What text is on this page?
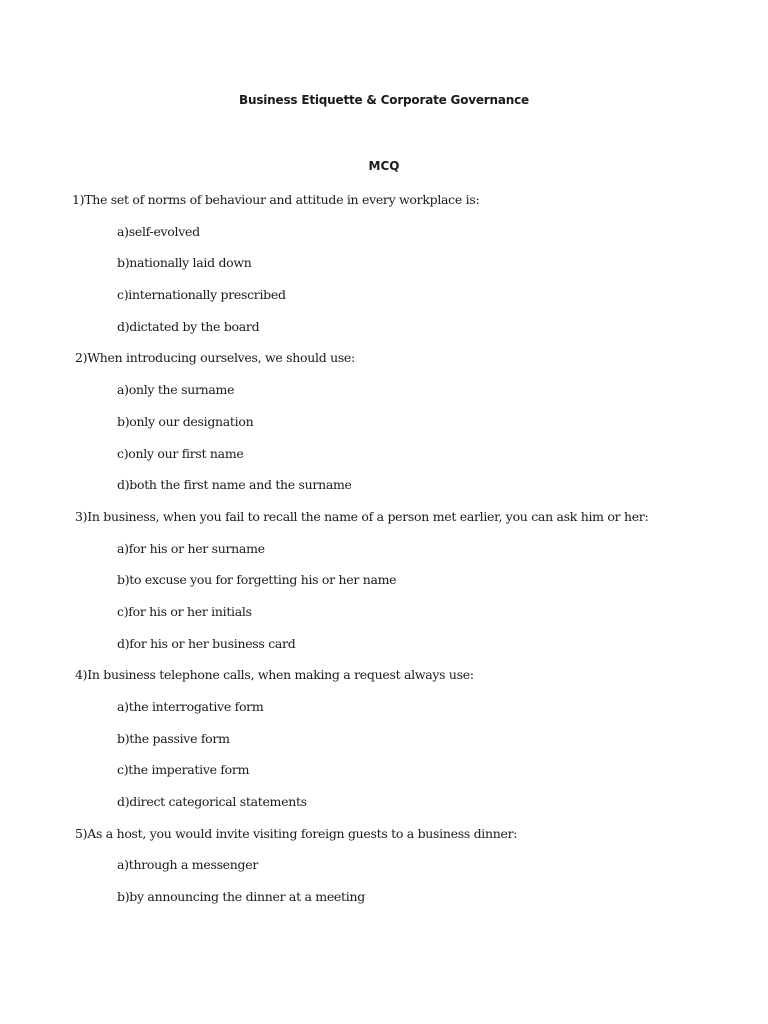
Business Etiquette & Corporate Governance
MCQ
1)The set of norms of behaviour and attitude in every workplace is:
a)self-evolved
b)nationally laid down
c)internationally prescribed
d)dictated by the board
2)When introducing ourselves, we should use:
a)only the surname
b)only our designation
c)only our first name
d)both the first name and the surname
3)In business, when you fail to recall the name of a person met earlier, you can ask him or her:
a)for his or her surname
b)to excuse you for forgetting his or her name
c)for his or her initials
d)for his or her business card
4)In business telephone calls, when making a request always use:
a)the interrogative form
b)the passive form
c)the imperative form
d)direct categorical statements
5)As a host, you would invite visiting foreign guests to a business dinner:
a)through a messenger
b)by announcing the dinner at a meeting
